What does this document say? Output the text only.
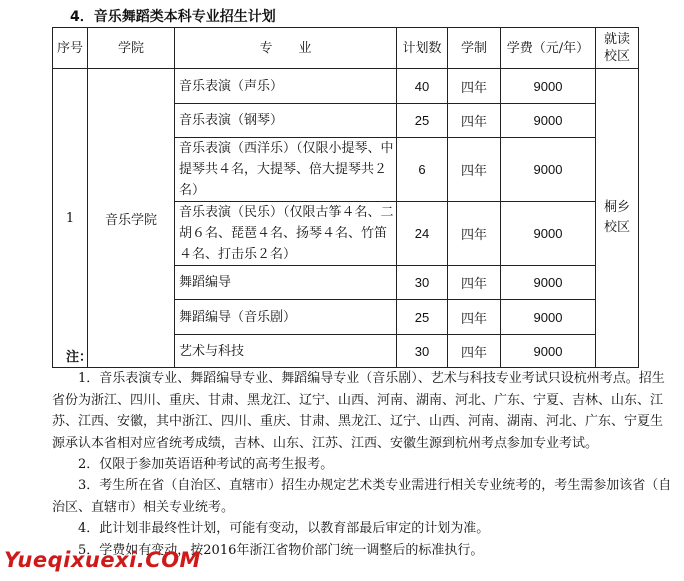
4．音乐舞蹈类本科专业招生计划
序号	学院	专　　业	计划数	学制	学费（元/年）	就读校区
1	音乐学院	音乐表演（声乐）	40	四年	9000	桐乡校区
		音乐表演（钢琴）	25	四年	9000	
		音乐表演（西洋乐）（仅限小提琴、中提琴共４名，大提琴、倍大提琴共２名）	6	四年	9000	
		音乐表演（民乐）（仅限古筝４名、二胡６名、琵琶４名、扬琴４名、竹笛４名、打击乐２名）	24	四年	9000	
		舞蹈编导	30	四年	9000	
		舞蹈编导（音乐剧）	25	四年	9000	
		艺术与科技	30	四年	9000	
注：

1．音乐表演专业、舞蹈编导专业、舞蹈编导专业（音乐剧）、艺术与科技专业考试只设杭州考点。招生省份为浙江、四川、重庆、甘肃、黑龙江、辽宁、山西、河南、湖南、河北、广东、宁夏、吉林、山东、江苏、江西、安徽，其中浙江、四川、重庆、甘肃、黑龙江、辽宁、山西、河南、湖南、河北、广东、宁夏生源承认本省相对应省统考成绩，吉林、山东、江苏、江西、安徽生源到杭州考点参加专业考试。

2．仅限于参加英语语种考试的高考生报考。

3．考生所在省（自治区、直辖市）招生办规定艺术类专业需进行相关专业统考的，考生需参加该省（自治区、直辖市）相关专业统考。

4．此计划非最终性计划，可能有变动，以教育部最后审定的计划为准。

5．学费如有变动，按2016年浙江省物价部门统一调整后的标准执行。

Yueqixuexi.COM
